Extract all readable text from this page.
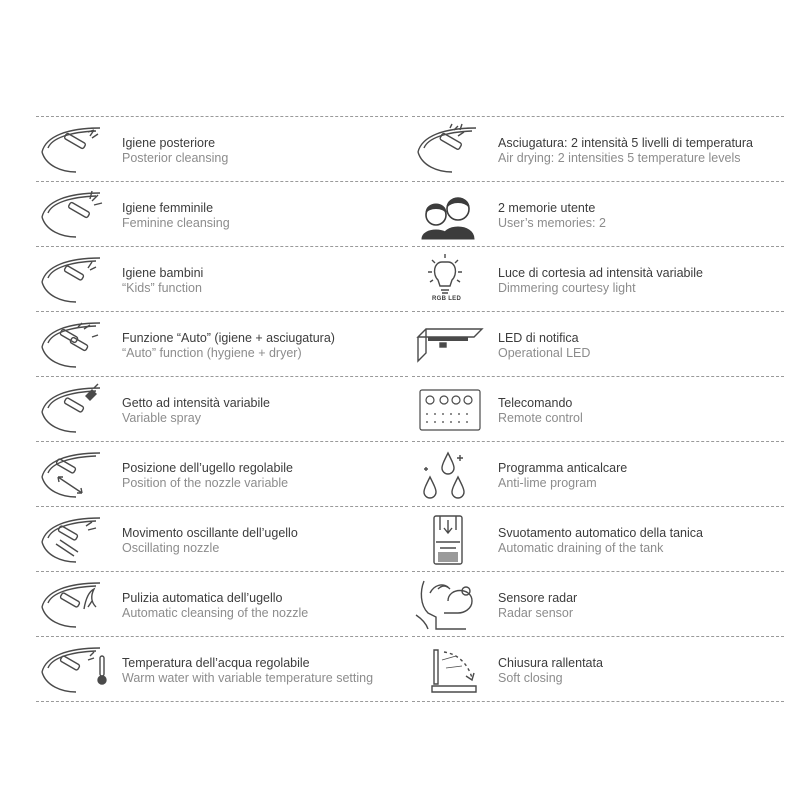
Igiene posteriore
Posterior cleansing
Igiene femminile
Feminine cleansing
Igiene bambini
“Kids” function
Funzione “Auto” (igiene + asciugatura)
“Auto” function (hygiene + dryer)
Getto ad intensità variabile
Variable spray
Posizione dell’ugello regolabile
Position of the nozzle variable
Movimento oscillante dell’ugello
Oscillating nozzle
Pulizia automatica dell’ugello
Automatic cleansing of the nozzle
Temperatura dell’acqua regolabile
Warm water with variable temperature setting
Asciugatura: 2 intensità 5 livelli di temperatura
Air drying: 2 intensities 5 temperature levels
2 memorie utente
User’s memories: 2
RGB LED
Luce di cortesia ad intensità variabile
Dimmering courtesy light
LED di notifica
Operational LED
Telecomando
Remote control
Programma anticalcare
Anti-lime program
Svuotamento automatico della tanica
Automatic draining of the tank
Sensore radar
Radar sensor
Chiusura rallentata
Soft closing
